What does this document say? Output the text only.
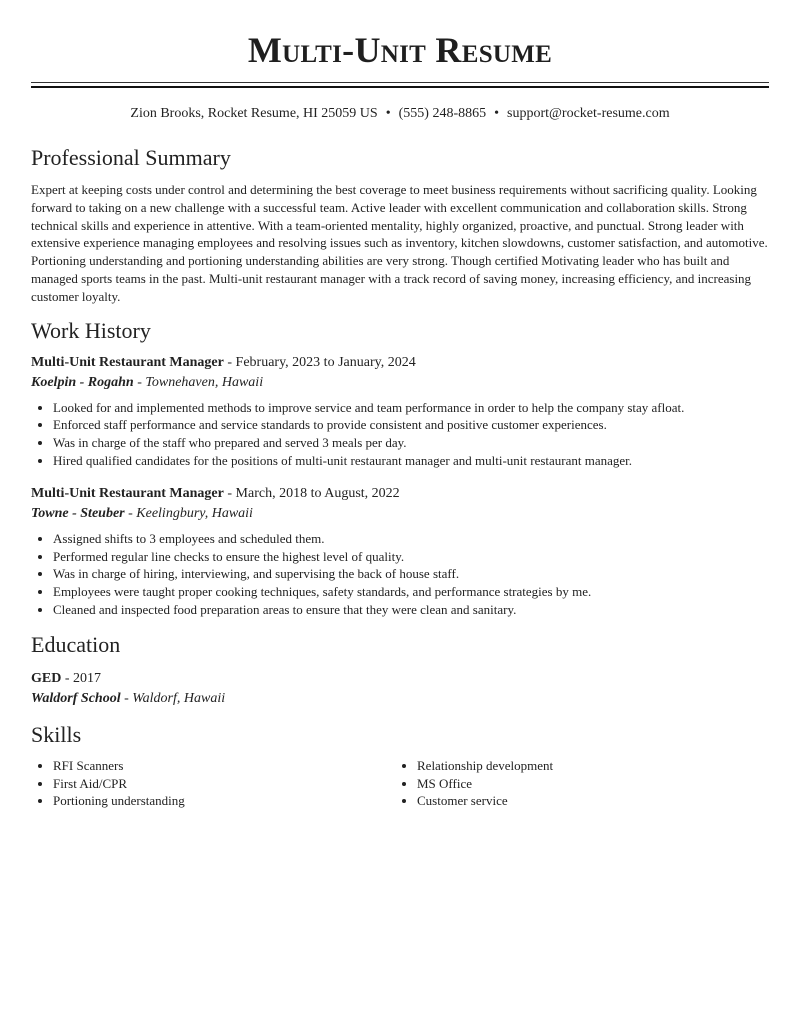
Multi-Unit Resume
Zion Brooks, Rocket Resume, HI 25059 US • (555) 248-8865 • support@rocket-resume.com
Professional Summary

Expert at keeping costs under control and determining the best coverage to meet business requirements without sacrificing quality. Looking forward to taking on a new challenge with a successful team. Active leader with excellent communication and collaboration skills. Strong technical skills and experience in attentive. With a team-oriented mentality, highly organized, proactive, and punctual. Strong leader with extensive experience managing employees and resolving issues such as inventory, kitchen slowdowns, customer satisfaction, and automotive. Portioning understanding and portioning understanding abilities are very strong. Though certified Motivating leader who has built and managed sports teams in the past. Multi-unit restaurant manager with a track record of saving money, increasing efficiency, and increasing customer loyalty.

Work History
Multi-Unit Restaurant Manager - February, 2023 to January, 2024
Koelpin - Rogahn - Townehaven, Hawaii
• Looked for and implemented methods to improve service and team performance in order to help the company stay afloat.
• Enforced staff performance and service standards to provide consistent and positive customer experiences.
• Was in charge of the staff who prepared and served 3 meals per day.
• Hired qualified candidates for the positions of multi-unit restaurant manager and multi-unit restaurant manager.
Multi-Unit Restaurant Manager - March, 2018 to August, 2022
Towne - Steuber - Keelingbury, Hawaii
• Assigned shifts to 3 employees and scheduled them.
• Performed regular line checks to ensure the highest level of quality.
• Was in charge of hiring, interviewing, and supervising the back of house staff.
• Employees were taught proper cooking techniques, safety standards, and performance strategies by me.
• Cleaned and inspected food preparation areas to ensure that they were clean and sanitary.
Education
GED - 2017
Waldorf School - Waldorf, Hawaii
Skills
• RFI Scanners
• First Aid/CPR
• Portioning understanding
• Relationship development
• MS Office
• Customer service
